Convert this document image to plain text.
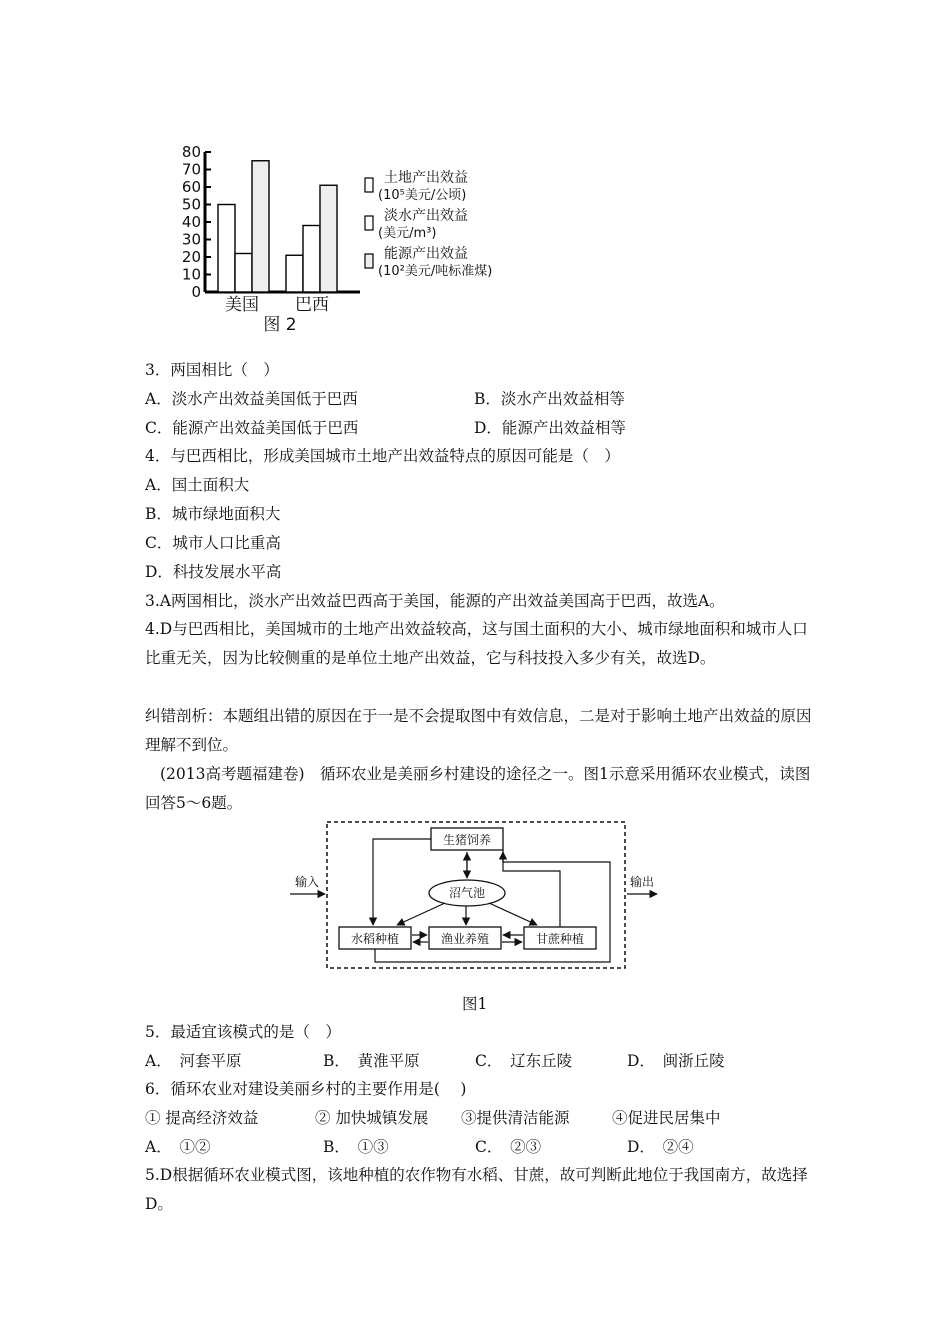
80
70
60
50
40
30
20
10
0
美国 巴西
土地产出效益
(10⁵美元/公顷)
淡水产出效益
(美元/m³)
能源产出效益
(10²美元/吨标准煤)
图 2
3．两国相比（　）
A．淡水产出效益美国低于巴西	B．淡水产出效益相等
C．能源产出效益美国低于巴西	D．能源产出效益相等
4．与巴西相比，形成美国城市土地产出效益特点的原因可能是（　）
A．国土面积大
B．城市绿地面积大
C．城市人口比重高
D．科技发展水平高
3.A两国相比，淡水产出效益巴西高于美国，能源的产出效益美国高于巴西，故选A。
4.D与巴西相比，美国城市的土地产出效益较高，这与国土面积的大小、城市绿地面积和城市人口比重无关，因为比较侧重的是单位土地产出效益，它与科技投入多少有关，故选D。
纠错剖析：本题组出错的原因在于一是不会提取图中有效信息，二是对于影响土地产出效益的原因理解不到位。
(2013高考题福建卷)　循环农业是美丽乡村建设的途径之一。图1示意采用循环农业模式，读图回答5～6题。
输入	输出
生猪饲养
沼气池
水稻种植	渔业养殖	甘蔗种植
图1
5．最适宜该模式的是（　）
A．　河套平原	B．　黄淮平原	C．　辽东丘陵	D．　闽浙丘陵
6．循环农业对建设美丽乡村的主要作用是(　 )
① 提高经济效益	② 加快城镇发展 ③提供清洁能源	④促进民居集中
A．　①②	B．　①③	C．　②③	D．　②④
5.D根据循环农业模式图，该地种植的农作物有水稻、甘蔗，故可判断此地位于我国南方，故选择D。
